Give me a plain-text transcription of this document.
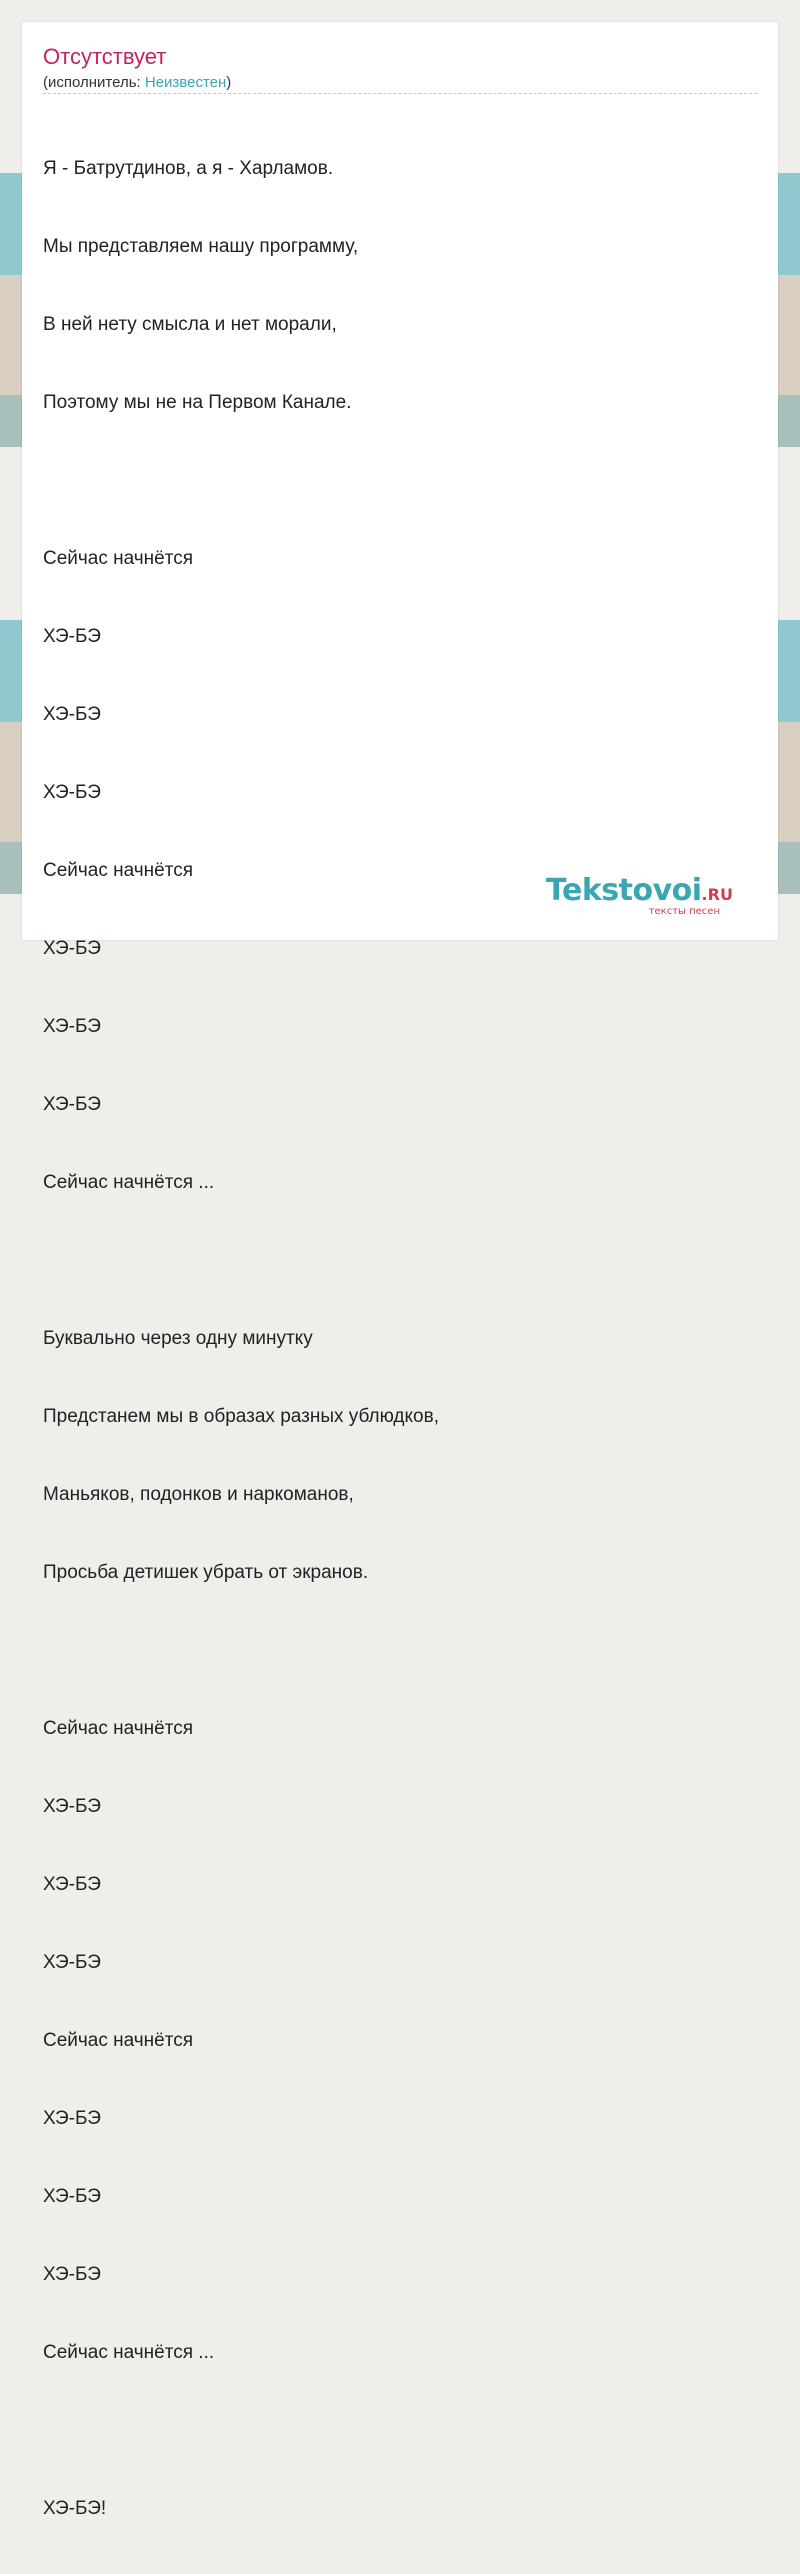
Отсутствует
(исполнитель: Неизвестен)

Я - Батрутдинов, а я - Харламов.

Мы представляем нашу программу,

В ней нету смысла и нет морали,

Поэтому мы не на Первом Канале.

Сейчас начнётся

ХЭ-БЭ

ХЭ-БЭ

ХЭ-БЭ

Сейчас начнётся

ХЭ-БЭ

ХЭ-БЭ

ХЭ-БЭ

Сейчас начнётся ...

Буквально через одну минутку

Предстанем мы в образах разных ублюдков,

Маньяков, подонков и наркоманов,

Просьба детишек убрать от экранов.

Сейчас начнётся

ХЭ-БЭ

ХЭ-БЭ

ХЭ-БЭ

Сейчас начнётся

ХЭ-БЭ

ХЭ-БЭ

ХЭ-БЭ

Сейчас начнётся ...

ХЭ-БЭ!

Tekstovoi.RU
тексты песен
